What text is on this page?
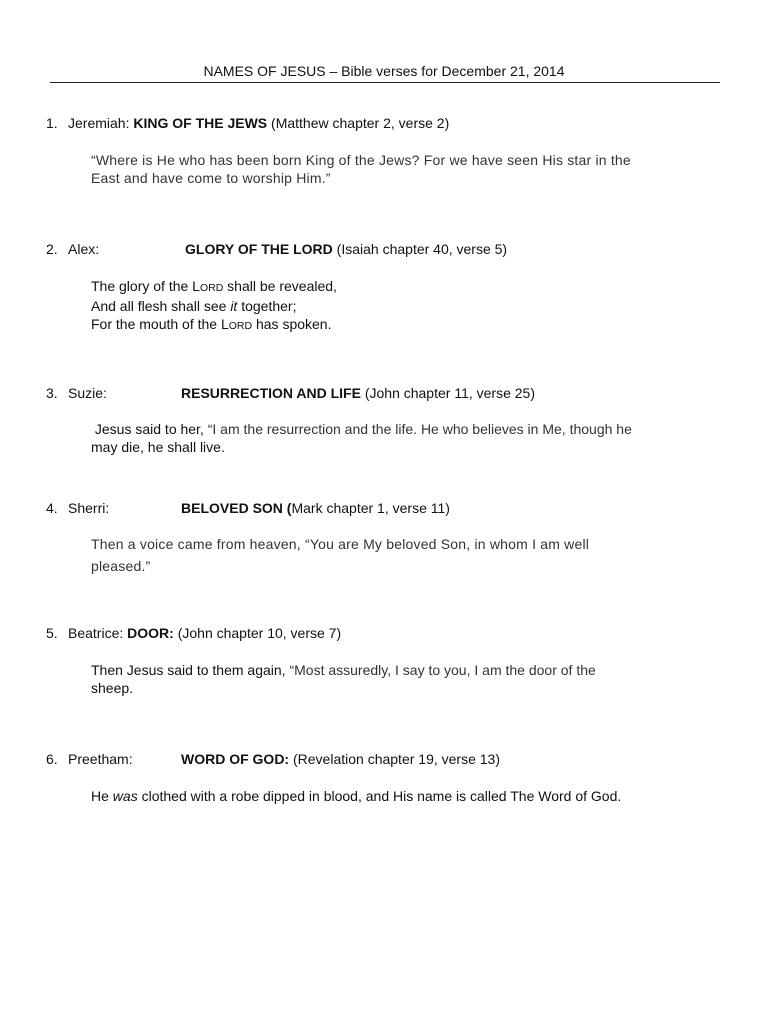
NAMES OF JESUS – Bible verses for December 21, 2014
1. Jeremiah: KING OF THE JEWS (Matthew chapter 2, verse 2)
“Where is He who has been born King of the Jews? For we have seen His star in the
East and have come to worship Him.”
2. Alex:	GLORY OF THE LORD (Isaiah chapter 40, verse 5)
The glory of the LORD shall be revealed,
And all flesh shall see it together;
For the mouth of the LORD has spoken.
3. Suzie:	RESURRECTION AND LIFE (John chapter 11, verse 25)
Jesus said to her, “I am the resurrection and the life. He who believes in Me, though he
may die, he shall live.
4. Sherri:	BELOVED SON (Mark chapter 1, verse 11)
Then a voice came from heaven, “You are My beloved Son, in whom I am well
pleased.”
5. Beatrice: DOOR: (John chapter 10, verse 7)
Then Jesus said to them again, “Most assuredly, I say to you, I am the door of the
sheep.
6. Preetham:	WORD OF GOD: (Revelation chapter 19, verse 13)
He was clothed with a robe dipped in blood, and His name is called The Word of God.
